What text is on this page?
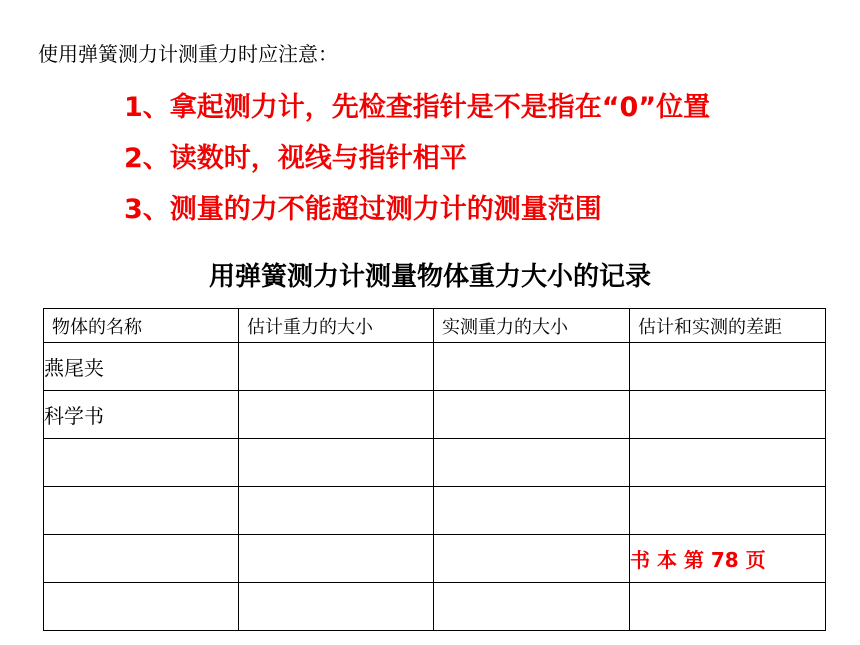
使用弹簧测力计测重力时应注意：
1、拿起测力计，先检查指针是不是指在“0”位置
2、读数时，视线与指针相平
3、测量的力不能超过测力计的测量范围
用弹簧测力计测量物体重力大小的记录
物体的名称	估计重力的大小	实测重力的大小	估计和实测的差距
燕尾夹			
科学书			

			书 本 第 78 页
